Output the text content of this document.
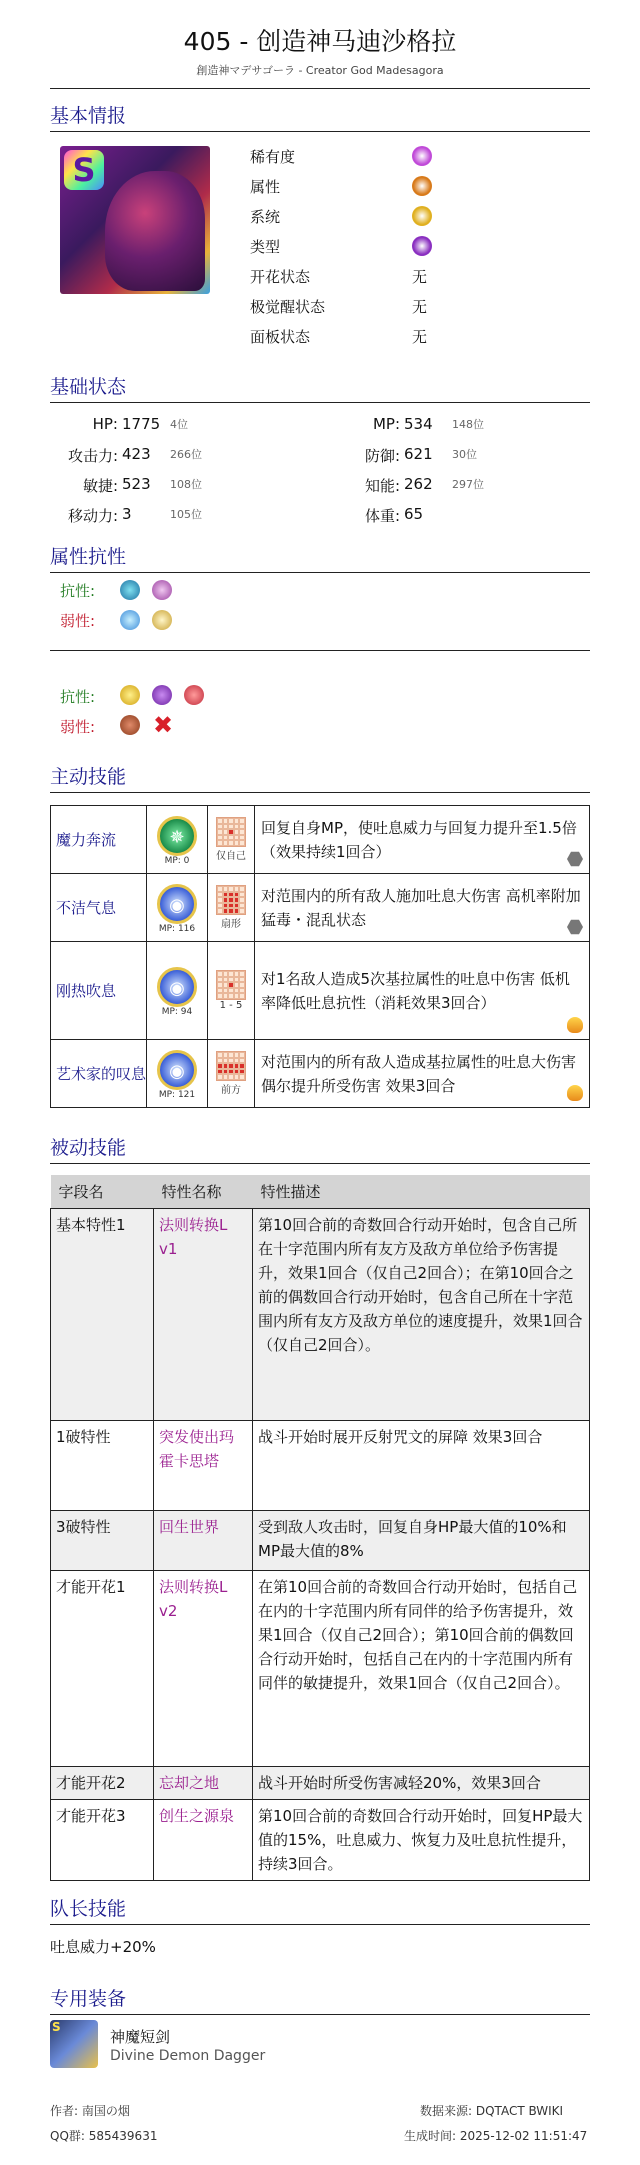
405 - 创造神马迪沙格拉
創造神マデサゴーラ - Creator God Madesagora
基本情报
S	稀有度
属性
系统
类型
开花状态	无
极觉醒状态	无
面板状态	无
基础状态
HP: 1775 4位	MP: 534 148位
攻击力: 423 266位	防御: 621 30位
敏捷: 523 108位	知能: 262 297位
移动力: 3	105位	体重: 65
属性抗性
抗性:
弱性:
抗性:
弱性: ✖
主动技能
魔力奔流	✵
MP: 0	仅自己	回复自身MP，使吐息威力与回复力提升至1.5倍（效果持续1回合）

不洁气息	◉
MP: 116	扇形	对范围内的所有敌人施加吐息大伤害 高机率附加猛毒・混乱状态

刚热吹息	◉
MP: 94	1 - 5	对1名敌人造成5次基拉属性的吐息中伤害 低机率降低吐息抗性（消耗效果3回合）

艺术家的叹息	◉
MP: 121	前方	对范围内的所有敌人造成基拉属性的吐息大伤害 偶尔提升所受伤害 效果3回合
被动技能
字段名	特性名称	特性描述
基本特性1	法则转换L v1	第10回合前的奇数回合行动开始时，包含自己所在十字范围内所有友方及敌方单位给予伤害提升，效果1回合（仅自己2回合）；在第10回合之前的偶数回合行动开始时，包含自己所在十字范围内所有友方及敌方单位的速度提升，效果1回合（仅自己2回合）。
1破特性	突发使出玛霍卡思塔	战斗开始时展开反射咒文的屏障 效果3回合
3破特性	回生世界	受到敌人攻击时，回复自身HP最大值的10%和MP最大值的8%
才能开花1	法则转换L v2	在第10回合前的奇数回合行动开始时，包括自己在内的十字范围内所有同伴的给予伤害提升，效果1回合（仅自己2回合）；第10回合前的偶数回合行动开始时，包括自己在内的十字范围内所有同伴的敏捷提升，效果1回合（仅自己2回合）。
才能开花2	忘却之地	战斗开始时所受伤害减轻20%，效果3回合
才能开花3	创生之源泉	第10回合前的奇数回合行动开始时，回复HP最大值的15%，吐息威力、恢复力及吐息抗性提升，持续3回合。
队长技能
吐息威力+20%
专用装备
S
神魔短剑
Divine Demon Dagger
作者: 南国の烟
QQ群: 585439631
数据来源: DQTACT BWIKI
生成时间: 2025-12-02 11:51:47
